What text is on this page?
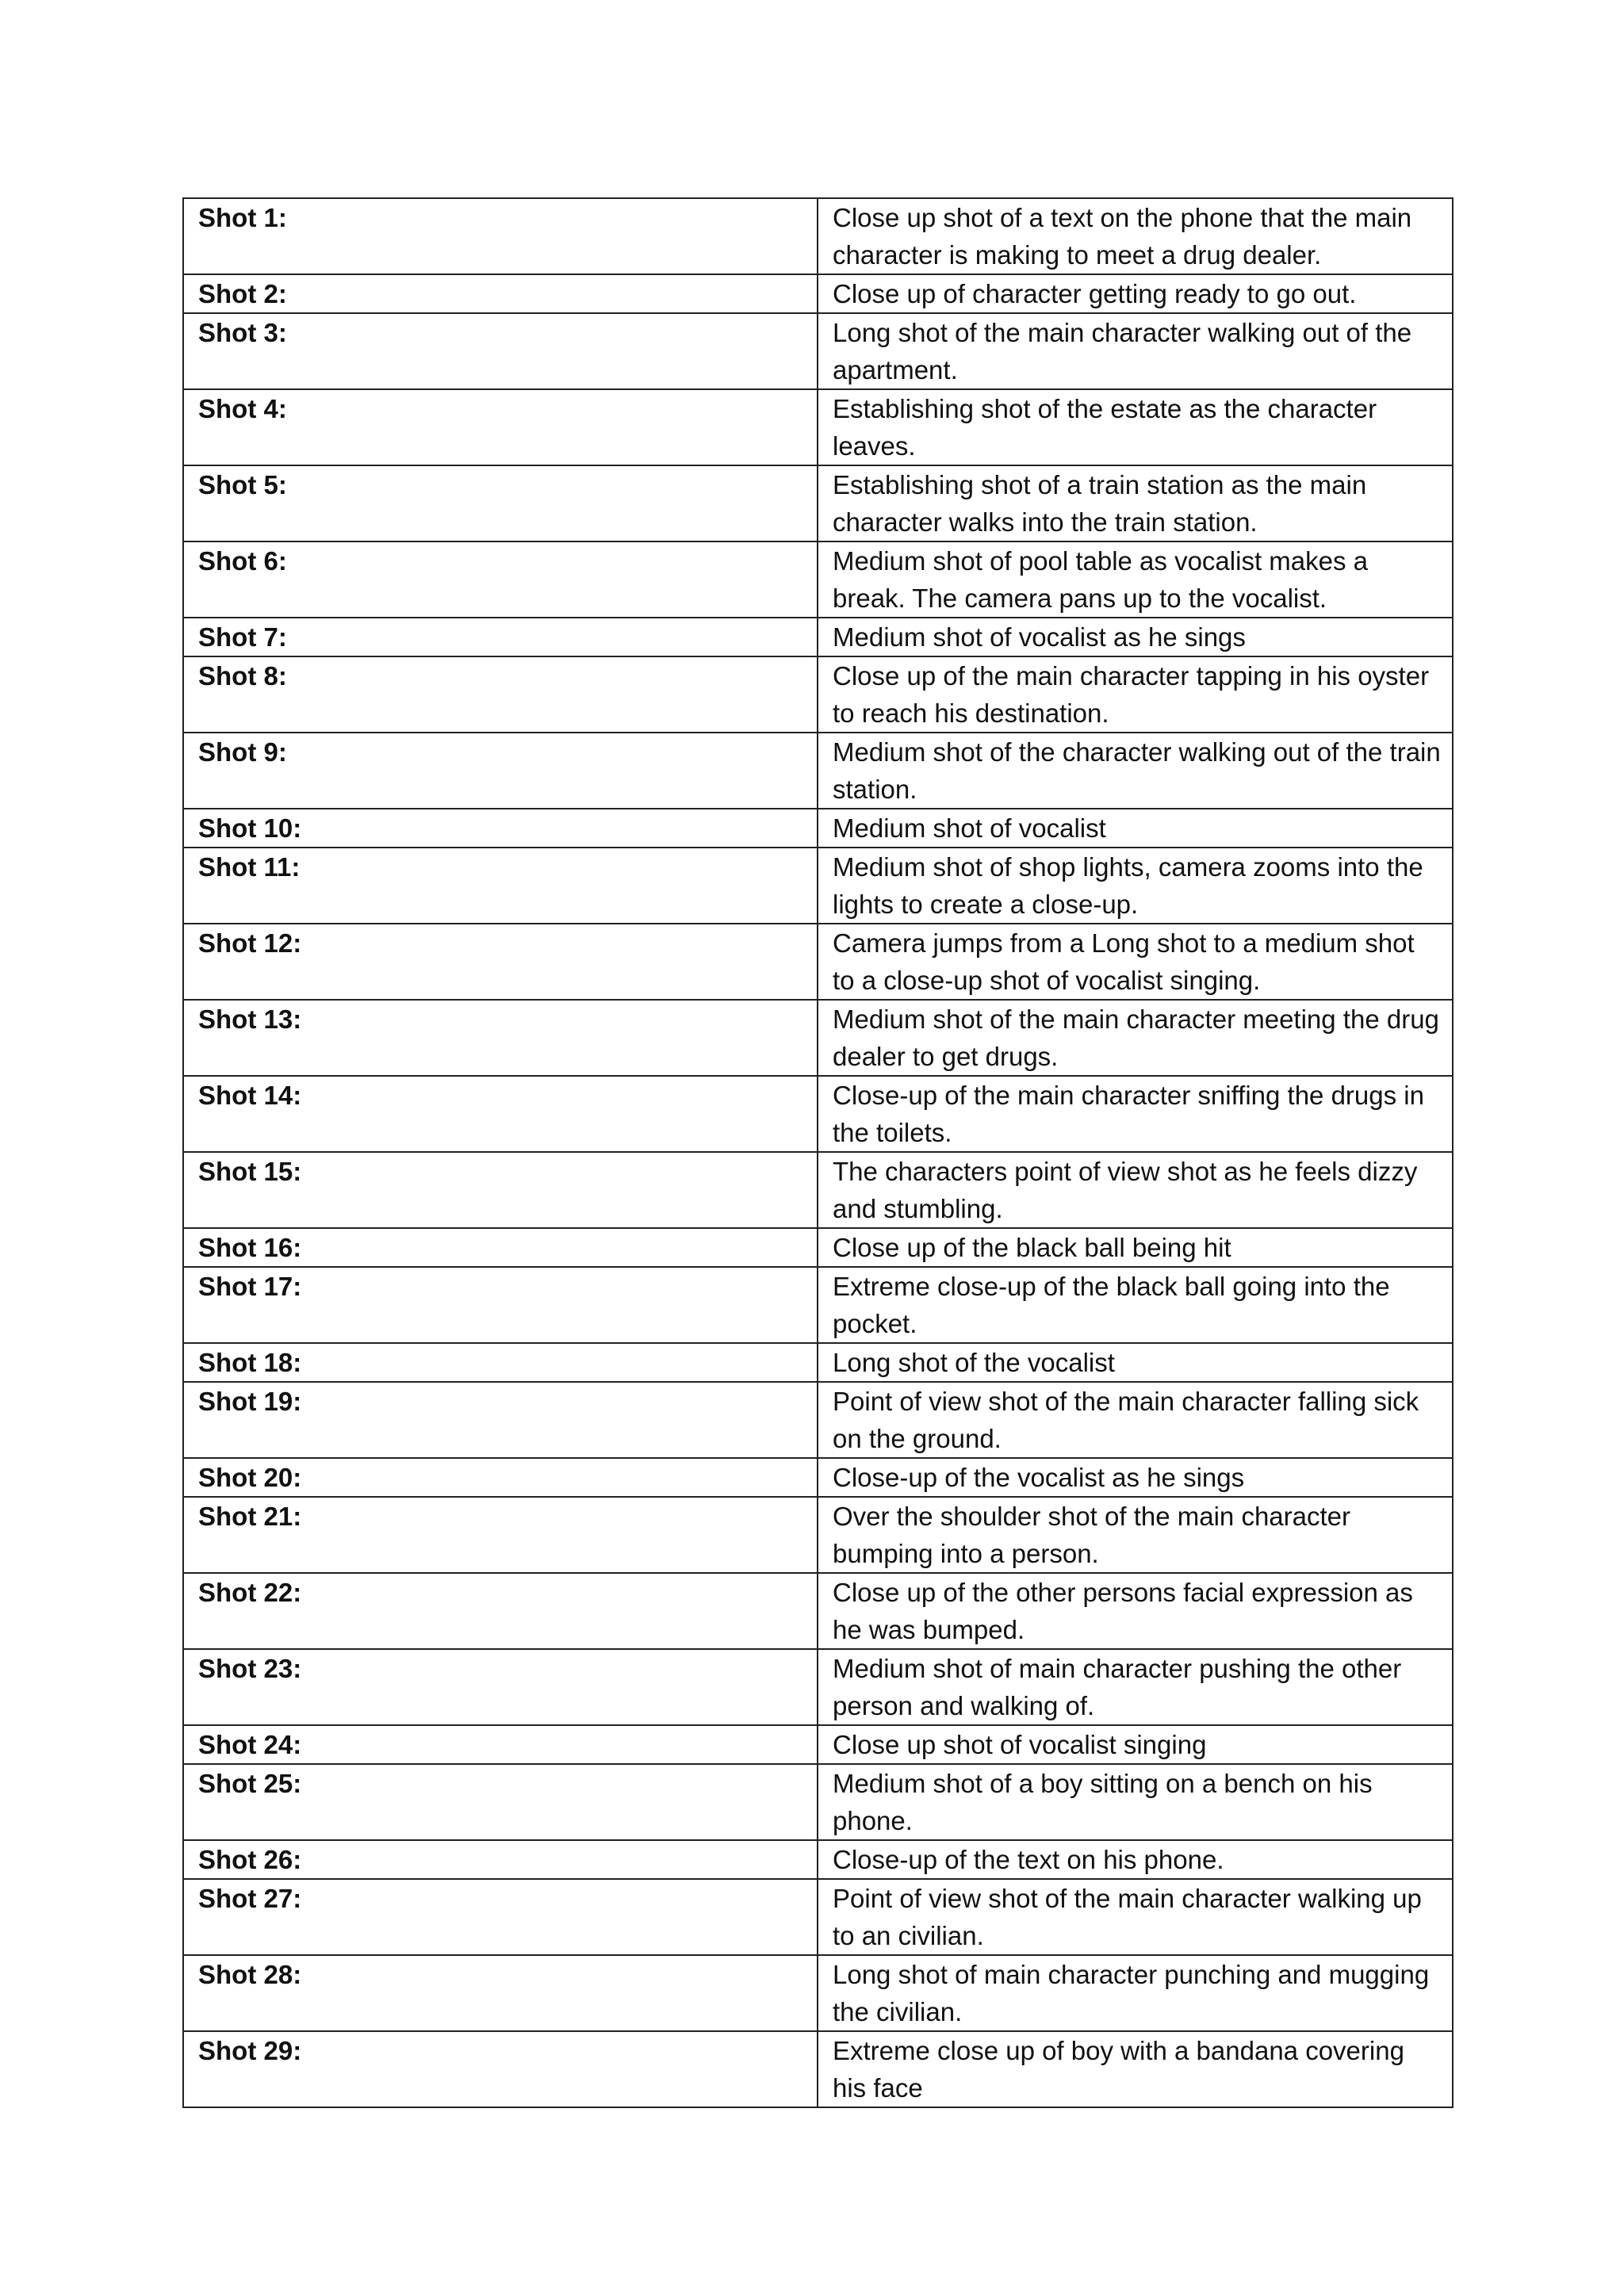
Shot 1:	Close up shot of a text on the phone that the main character is making to meet a drug dealer.
Shot 2:	Close up of character getting ready to go out.
Shot 3:	Long shot of the main character walking out of the apartment.
Shot 4:	Establishing shot of the estate as the character leaves.
Shot 5:	Establishing shot of a train station as the main character walks into the train station.
Shot 6:	Medium shot of pool table as vocalist makes a break. The camera pans up to the vocalist.
Shot 7:	Medium shot of vocalist as he sings
Shot 8:	Close up of the main character tapping in his oyster to reach his destination.
Shot 9:	Medium shot of the character walking out of the train station.
Shot 10:	Medium shot of vocalist
Shot 11:	Medium shot of shop lights, camera zooms into the lights to create a close-up.
Shot 12:	Camera jumps from a Long shot to a medium shot to a close-up shot of vocalist singing.
Shot 13:	Medium shot of the main character meeting the drug dealer to get drugs.
Shot 14:	Close-up of the main character sniffing the drugs in the toilets.
Shot 15:	The characters point of view shot as he feels dizzy and stumbling.
Shot 16:	Close up of the black ball being hit
Shot 17:	Extreme close-up of the black ball going into the pocket.
Shot 18:	Long shot of the vocalist
Shot 19:	Point of view shot of the main character falling sick on the ground.
Shot 20:	Close-up of the vocalist as he sings
Shot 21:	Over the shoulder shot of the main character bumping into a person.
Shot 22:	Close up of the other persons facial expression as he was bumped.
Shot 23:	Medium shot of main character pushing the other person and walking of.
Shot 24:	Close up shot of vocalist singing
Shot 25:	Medium shot of a boy sitting on a bench on his phone.
Shot 26:	Close-up of the text on his phone.
Shot 27:	Point of view shot of the main character walking up to an civilian.
Shot 28:	Long shot of main character punching and mugging the civilian.
Shot 29:	Extreme close up of boy with a bandana covering his face
